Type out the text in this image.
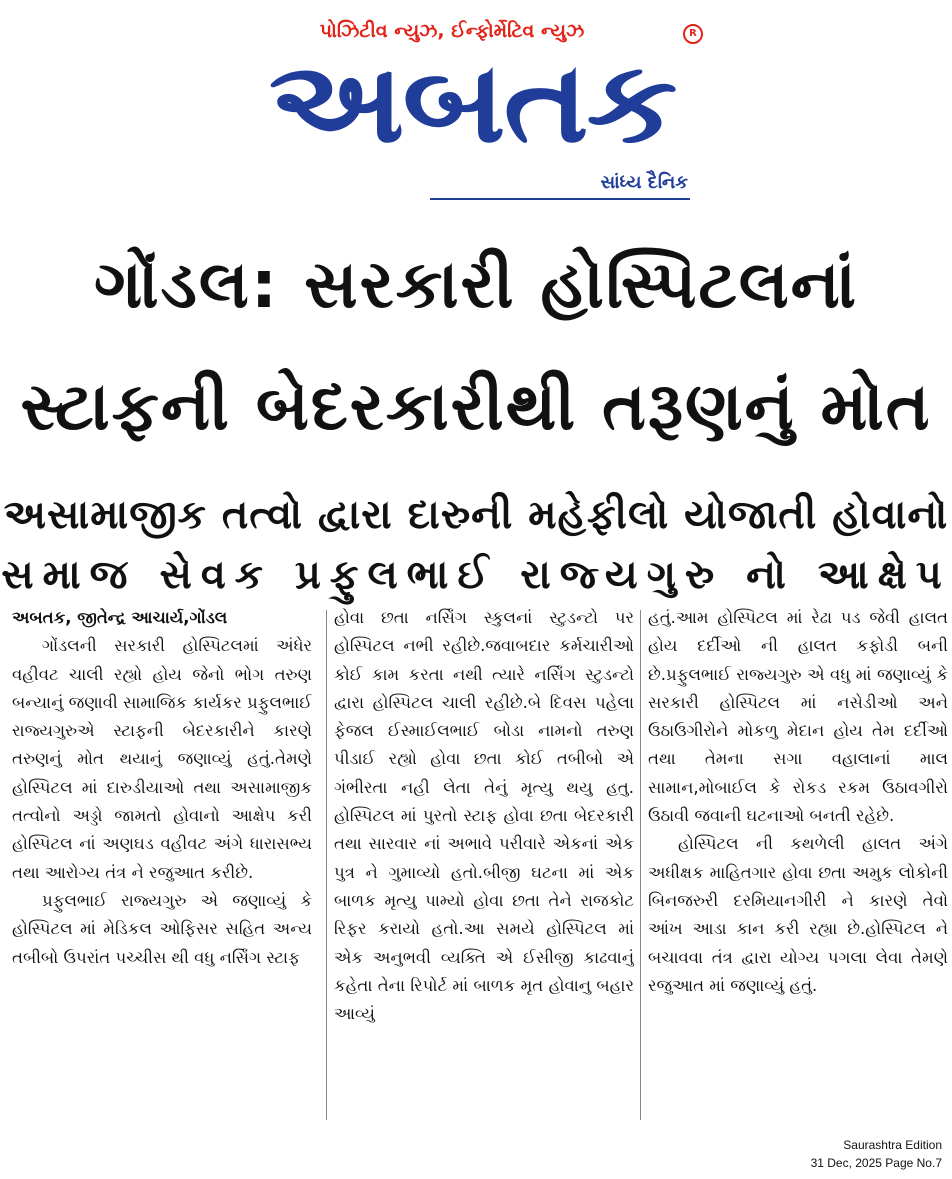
પોઝિટીવ ન્યુઝ, ઈન્ફોર્મેટિવ ન્યુઝ	R
અબતક
સાંધ્ય દૈનિક
ગોંડલ: સરકારી હોસ્પિટલનાં
સ્ટાફની બેદરકારીથી તરૂણનું મોત
અસામાજીક તત્વો દ્વારા દારુની મહેફીલો યોજાતી હોવાનો
સમાજ સેવક પ્રફુલભાઈ રાજ્યગુરુ નો આક્ષેપ

અબતક, જીતેન્દ્ર આચાર્ય,ગોંડલ

ગોંડલની સરકારી હોસ્પિટલમાં અંધેર વહીવટ ચાલી રહ્યો હોય જેનો ભોગ તરુણ બન્યાનું જણાવી સામાજિક કાર્યકર પ્રફુલભાઈ રાજ્યગુરુએ સ્ટાફની બેદરકારીને કારણે તરુણનું મોત થયાનું જણાવ્યું હતું.તેમણે હોસ્પિટલ માં દારુડીયાઓ તથા અસામાજીક તત્વોનો અડ્ડો જામતો હોવાનો આક્ષેપ કરી હોસ્પિટલ નાં અણઘડ વહીવટ અંગે ધારાસભ્ય તથા આરોગ્ય તંત્ર ને રજુઆત કરીછે.

પ્રફુલભાઈ રાજ્યગુરુ એ જણાવ્યું કે હોસ્પિટલ માં મેડિકલ ઓફિસર સહિત અન્ય તબીબો ઉપરાંત પચ્ચીસ થી વધુ નર્સિંગ સ્ટાફ

હોવા છતા નર્સિંગ સ્કુલનાં સ્ટુડન્ટો પર હોસ્પિટલ નભી રહીછે.જવાબદાર કર્મચારીઓ કોઈ કામ કરતા નથી ત્યારે નર્સિંગ સ્ટુડન્ટો દ્વારા હોસ્પિટલ ચાલી રહીછે.બે દિવસ પહેલા ફેજલ ઈસ્માઈલભાઈ બોડા નામનો તરુણ પીડાઈ રહ્યો હોવા છતા કોઈ તબીબો એ ગંભીરતા નહી લેતા તેનું મૃત્યુ થયુ હતુ. હોસ્પિટલ માં પુરતો સ્ટાફ હોવા છતા બેદરકારી તથા સારવાર નાં અભાવે પરીવારે એકનાં એક પુત્ર ને ગુમાવ્યો હતો.બીજી ઘટના માં એક બાળક મૃત્યુ પામ્યો હોવા છતા તેને રાજકોટ રિફર કરાયો હતો.આ સમયે હોસ્પિટલ માં એક અનુભવી વ્યક્તિ એ ઈસીજી કાઢવાનું કહેતા તેના રિપોર્ટ માં બાળક મૃત હોવાનુ બહાર આવ્યું

હતું.આમ હોસ્પિટલ માં રેઢા પડ જેવી હાલત હોય દર્દીઓ ની હાલત કફોડી બની છે.પ્રફુલભાઈ રાજ્યગુરુ એ વધુ માં જણાવ્યું કે સરકારી હોસ્પિટલ માં નસેડીઓ અને ઉઠાઉગીરોને મોકળુ મેદાન હોય તેમ દર્દીઓ તથા તેમના સગા વહાલાનાં માલ સામાન,મોબાઈલ કે રોકડ રકમ ઉઠાવગીરો ઉઠાવી જવાની ઘટનાઓ બનતી રહેછે.

હોસ્પિટલ ની કથળેલી હાલત અંગે અધીક્ષક માહિતગાર હોવા છતા અમુક લોકોની બિનજરુરી દરમિયાનગીરી ને કારણે તેવો આંખ આડા કાન કરી રહ્યા છે.હોસ્પિટલ ને બચાવવા તંત્ર દ્વારા યોગ્ય પગલા લેવા તેમણે રજુઆત માં જણાવ્યું હતું.

Saurashtra Edition
31 Dec, 2025 Page No.7
